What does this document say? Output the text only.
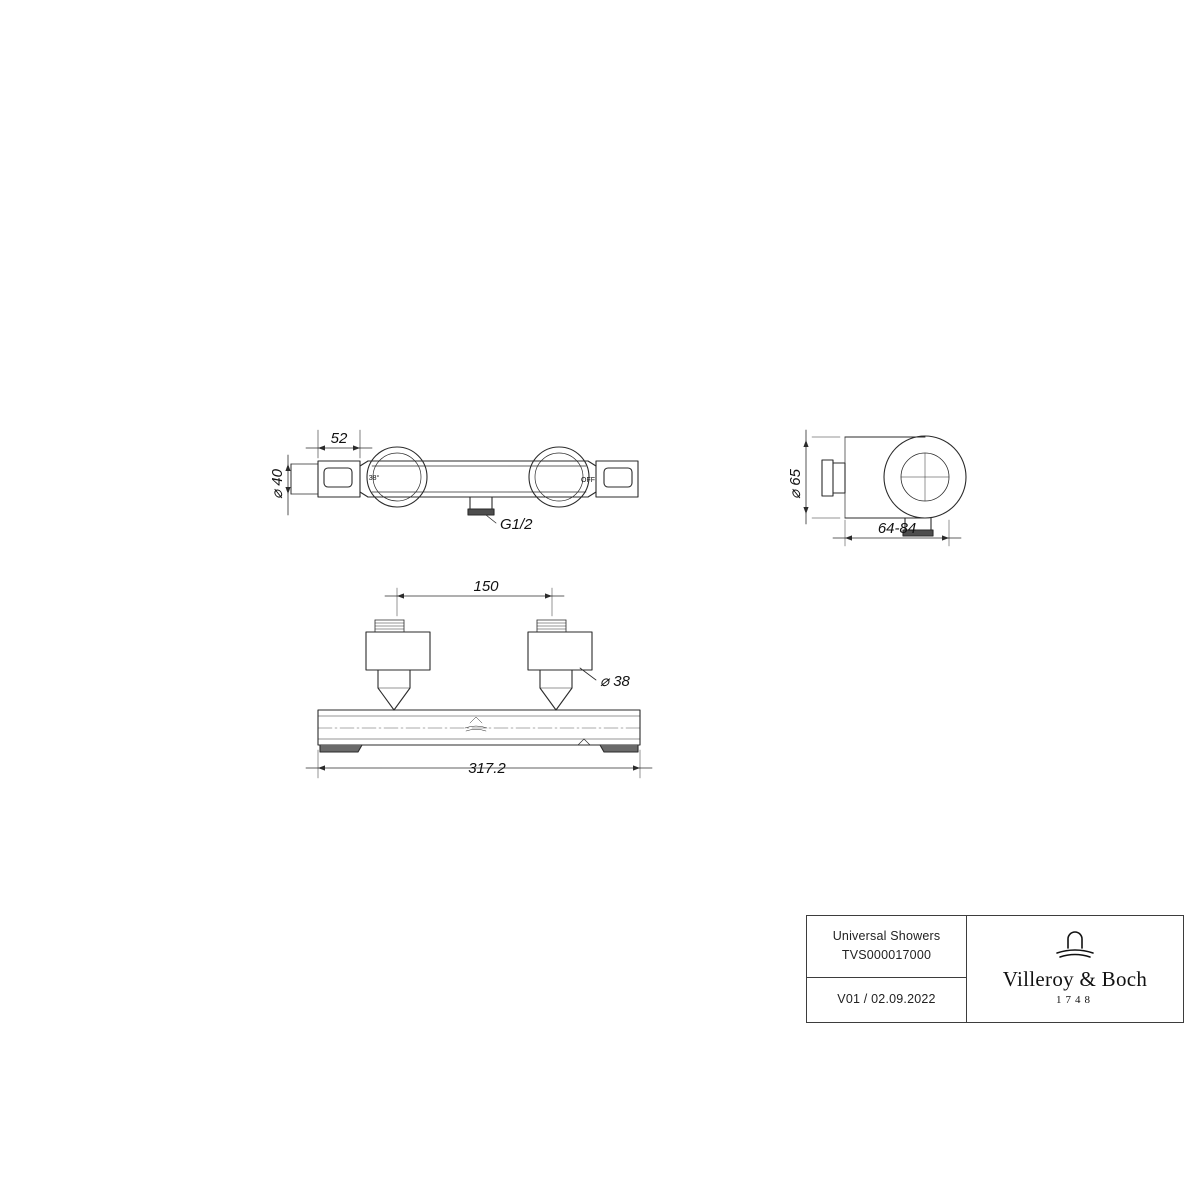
52
⌀ 40
G1/2
38°	OFF	⌀ 65
64-84
150
⌀ 38
317.2
Universal Showers
TVS000017000
V01 / 02.09.2022
Villeroy & Boch
1748
